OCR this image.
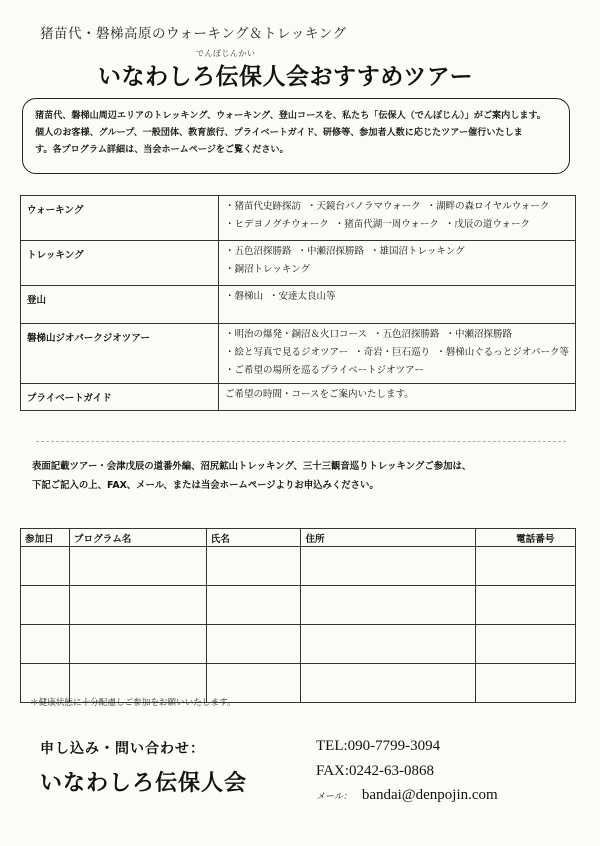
猪苗代・磐梯高原のウォーキング＆トレッキング
でんぽじんかい
いなわしろ伝保人会おすすめツアー
猪苗代、磐梯山周辺エリアのトレッキング、ウォーキング、登山コースを、私たち「伝保人（でんぽじん）」がご案内します。
個人のお客様、グループ、一般団体、教育旅行、プライベートガイド、研修等、参加者人数に応じたツアー催行いたしま
す。各プログラム詳細は、当会ホームページをご覧ください。
ウォーキング	・猪苗代史跡探訪 ・天鏡台パノラマウォーク ・湖畔の森ロイヤルウォーク
・ヒデヨノグチウォーク ・猪苗代湖一周ウォーク ・戊辰の道ウォーク

トレッキング	・五色沼探勝路 ・中瀬沼探勝路 ・雄国沼トレッキング
・銅沼トレッキング

登山	・磐梯山 ・安達太良山等

磐梯山ジオパークジオツアー	・明治の爆発・銅沼＆火口コース ・五色沼探勝路 ・中瀬沼探勝路
・絵と写真で見るジオツアー ・奇岩・巨石巡り ・磐梯山ぐるっとジオパーク等
・ご希望の場所を巡るプライベートジオツアー

プライベートガイド	ご希望の時間・コースをご案内いたします。
表面記載ツアー・会津戊辰の道番外編、沼尻鉱山トレッキング、三十三観音巡りトレッキングご参加は、
下記ご記入の上、FAX、メール、または当会ホームページよりお申込みください。
参加日	プログラム名	氏名	住所	電話番号

＊健康状態に十分配慮しご参加をお願いいたします。
申し込み・問い合わせ：
いなわしろ伝保人会
TEL:090-7799-3094
FAX:0242-63-0868
メール： bandai@denpojin.com
